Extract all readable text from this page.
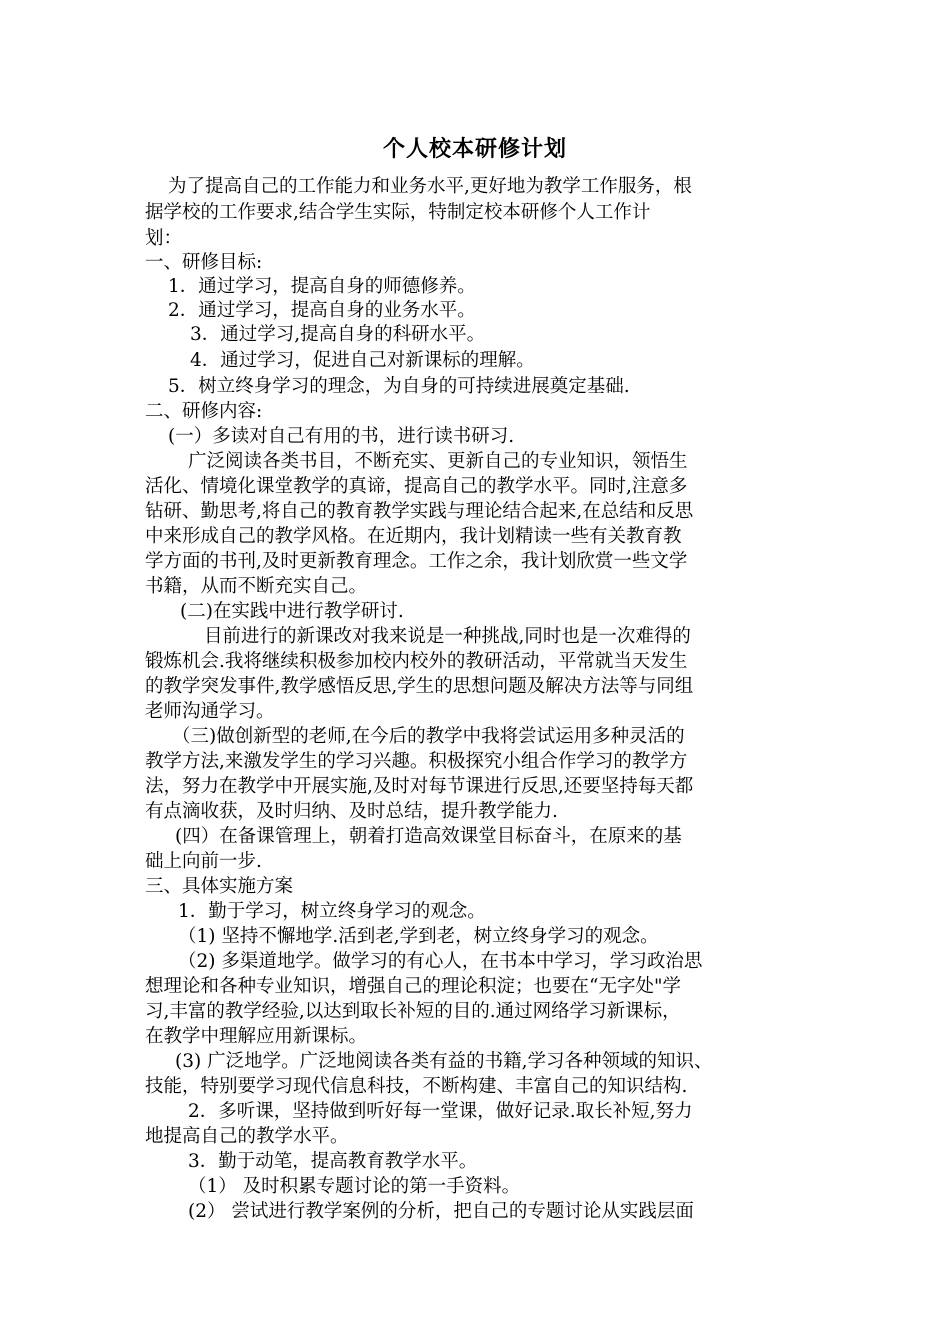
个人校本研修计划
为了提高自己的工作能力和业务水平,更好地为教学工作服务，根
据学校的工作要求,结合学生实际，特制定校本研修个人工作计
划：
一、研修目标:
1．通过学习，提高自身的师德修养。
2．通过学习，提高自身的业务水平。
3．通过学习,提高自身的科研水平。
4．通过学习，促进自己对新课标的理解。
5．树立终身学习的理念，为自身的可持续进展奠定基础.
二、研修内容:
(一）多读对自己有用的书，进行读书研习.
广泛阅读各类书目，不断充实、更新自己的专业知识，领悟生
活化、情境化课堂教学的真谛，提高自己的教学水平。同时,注意多
钻研、勤思考,将自己的教育教学实践与理论结合起来,在总结和反思
中来形成自己的教学风格。在近期内，我计划精读一些有关教育教
学方面的书刊,及时更新教育理念。工作之余，我计划欣赏一些文学
书籍，从而不断充实自己。
(二)在实践中进行教学研讨.
目前进行的新课改对我来说是一种挑战,同时也是一次难得的
锻炼机会.我将继续积极参加校内校外的教研活动，平常就当天发生
的教学突发事件,教学感悟反思,学生的思想问题及解决方法等与同组
老师沟通学习。
（三)做创新型的老师,在今后的教学中我将尝试运用多种灵活的
教学方法,来激发学生的学习兴趣。积极探究小组合作学习的教学方
法，努力在教学中开展实施,及时对每节课进行反思,还要坚持每天都
有点滴收获，及时归纳、及时总结，提升教学能力.
(四）在备课管理上，朝着打造高效课堂目标奋斗，在原来的基
础上向前一步.
三、具体实施方案
1．勤于学习，树立终身学习的观念。
（1) 坚持不懈地学.活到老,学到老，树立终身学习的观念。
（2) 多渠道地学。做学习的有心人，在书本中学习，学习政治思
想理论和各种专业知识，增强自己的理论积淀；也要在“无字处"学
习,丰富的教学经验,以达到取长补短的目的.通过网络学习新课标，
在教学中理解应用新课标。
(3) 广泛地学。广泛地阅读各类有益的书籍,学习各种领域的知识、
技能，特别要学习现代信息科技，不断构建、丰富自己的知识结构.
2．多听课，坚持做到听好每一堂课，做好记录.取长补短,努力
地提高自己的教学水平。
3．勤于动笔，提高教育教学水平。
（1） 及时积累专题讨论的第一手资料。
(2） 尝试进行教学案例的分析，把自己的专题讨论从实践层面
